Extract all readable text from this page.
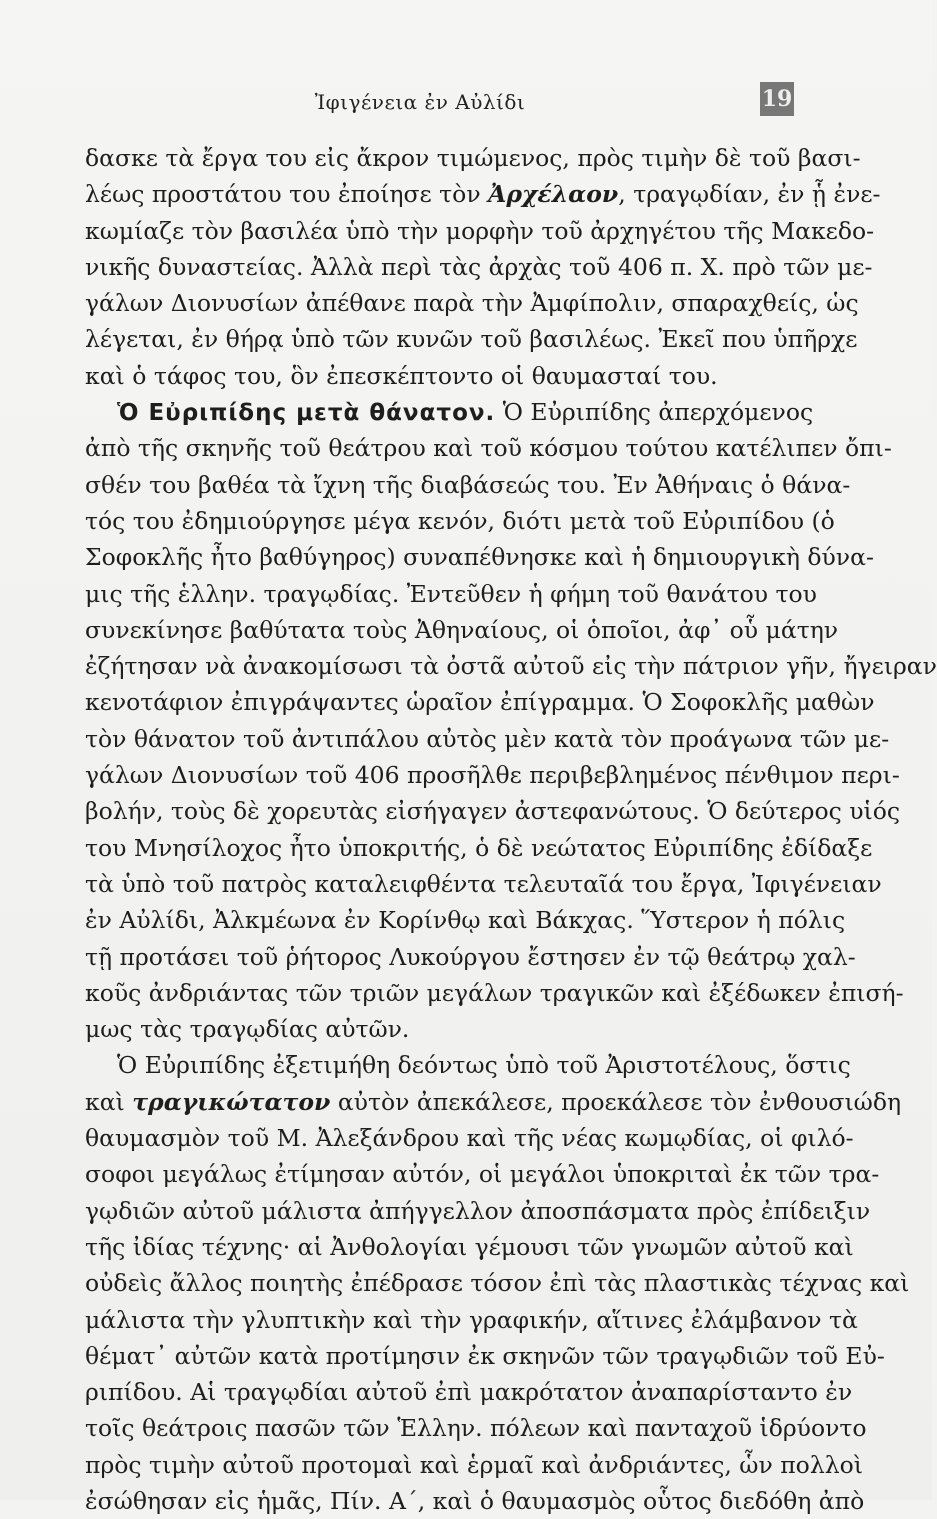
Ἰφιγένεια ἐν Αὐλίδι	19
δασκε τὰ ἔργα του εἰς ἄκρον τιμώμενος, πρὸς τιμὴν δὲ τοῦ βασι-
λέως προστάτου του ἐποίησε τὸν Ἀρχέλαον, τραγῳδίαν, ἐν ᾗ ἐνε-
κωμίαζε τὸν βασιλέα ὑπὸ τὴν μορφὴν τοῦ ἀρχηγέτου τῆς Μακεδο-
νικῆς δυναστείας. Ἀλλὰ περὶ τὰς ἀρχὰς τοῦ 406 π. Χ. πρὸ τῶν με-
γάλων Διονυσίων ἀπέθανε παρὰ τὴν Ἀμφίπολιν, σπαραχθείς, ὡς
λέγεται, ἐν θήρᾳ ὑπὸ τῶν κυνῶν τοῦ βασιλέως. Ἐκεῖ που ὑπῆρχε
καὶ ὁ τάφος του, ὃν ἐπεσκέπτοντο οἱ θαυμασταί του.
Ὁ Εὐριπίδης μετὰ θάνατον. Ὁ Εὐριπίδης ἀπερχόμενος
ἀπὸ τῆς σκηνῆς τοῦ θεάτρου καὶ τοῦ κόσμου τούτου κατέλιπεν ὄπι-
σθέν του βαθέα τὰ ἴχνη τῆς διαβάσεώς του. Ἐν Ἀθήναις ὁ θάνα-
τός του ἐδημιούργησε μέγα κενόν, διότι μετὰ τοῦ Εὐριπίδου (ὁ
Σοφοκλῆς ἦτο βαθύγηρος) συναπέθνησκε καὶ ἡ δημιουργικὴ δύνα-
μις τῆς ἑλλην. τραγῳδίας. Ἐντεῦθεν ἡ φήμη τοῦ θανάτου του
συνεκίνησε βαθύτατα τοὺς Ἀθηναίους, οἱ ὁποῖοι, ἀφ᾿ οὗ μάτην
ἐζήτησαν νὰ ἀνακομίσωσι τὰ ὀστᾶ αὐτοῦ εἰς τὴν πάτριον γῆν, ἤγειραν
κενοτάφιον ἐπιγράψαντες ὡραῖον ἐπίγραμμα. Ὁ Σοφοκλῆς μαθὼν
τὸν θάνατον τοῦ ἀντιπάλου αὐτὸς μὲν κατὰ τὸν προάγωνα τῶν με-
γάλων Διονυσίων τοῦ 406 προσῆλθε περιβεβλημένος πένθιμον περι-
βολήν, τοὺς δὲ χορευτὰς εἰσήγαγεν ἀστεφανώτους. Ὁ δεύτερος υἱός
του Μνησίλοχος ἦτο ὑποκριτής, ὁ δὲ νεώτατος Εὐριπίδης ἐδίδαξε
τὰ ὑπὸ τοῦ πατρὸς καταλειφθέντα τελευταῖά του ἔργα, Ἰφιγένειαν
ἐν Αὐλίδι, Ἀλκμέωνα ἐν Κορίνθῳ καὶ Βάκχας. Ὕστερον ἡ πόλις
τῇ προτάσει τοῦ ῥήτορος Λυκούργου ἔστησεν ἐν τῷ θεάτρῳ χαλ-
κοῦς ἀνδριάντας τῶν τριῶν μεγάλων τραγικῶν καὶ ἐξέδωκεν ἐπισή-
μως τὰς τραγῳδίας αὐτῶν.
Ὁ Εὐριπίδης ἐξετιμήθη δεόντως ὑπὸ τοῦ Ἀριστοτέλους, ὅστις
καὶ τραγικώτατον αὐτὸν ἀπεκάλεσε, προεκάλεσε τὸν ἐνθουσιώδη
θαυμασμὸν τοῦ Μ. Ἀλεξάνδρου καὶ τῆς νέας κωμῳδίας, οἱ φιλό-
σοφοι μεγάλως ἐτίμησαν αὐτόν, οἱ μεγάλοι ὑποκριταὶ ἐκ τῶν τρα-
γῳδιῶν αὐτοῦ μάλιστα ἀπήγγελλον ἀποσπάσματα πρὸς ἐπίδειξιν
τῆς ἰδίας τέχνης· αἱ Ἀνθολογίαι γέμουσι τῶν γνωμῶν αὐτοῦ καὶ
οὐδεὶς ἄλλος ποιητὴς ἐπέδρασε τόσον ἐπὶ τὰς πλαστικὰς τέχνας καὶ
μάλιστα τὴν γλυπτικὴν καὶ τὴν γραφικήν, αἵτινες ἐλάμβανον τὰ
θέματ᾿ αὐτῶν κατὰ προτίμησιν ἐκ σκηνῶν τῶν τραγῳδιῶν τοῦ Εὐ-
ριπίδου. Αἱ τραγῳδίαι αὐτοῦ ἐπὶ μακρότατον ἀναπαρίσταντο ἐν
τοῖς θεάτροις πασῶν τῶν Ἑλλην. πόλεων καὶ πανταχοῦ ἱδρύοντο
πρὸς τιμὴν αὐτοῦ προτομαὶ καὶ ἑρμαῖ καὶ ἀνδριάντες, ὧν πολλοὶ
ἐσώθησαν εἰς ἡμᾶς, Πίν. Α΄, καὶ ὁ θαυμασμὸς οὗτος διεδόθη ἀπὸ
